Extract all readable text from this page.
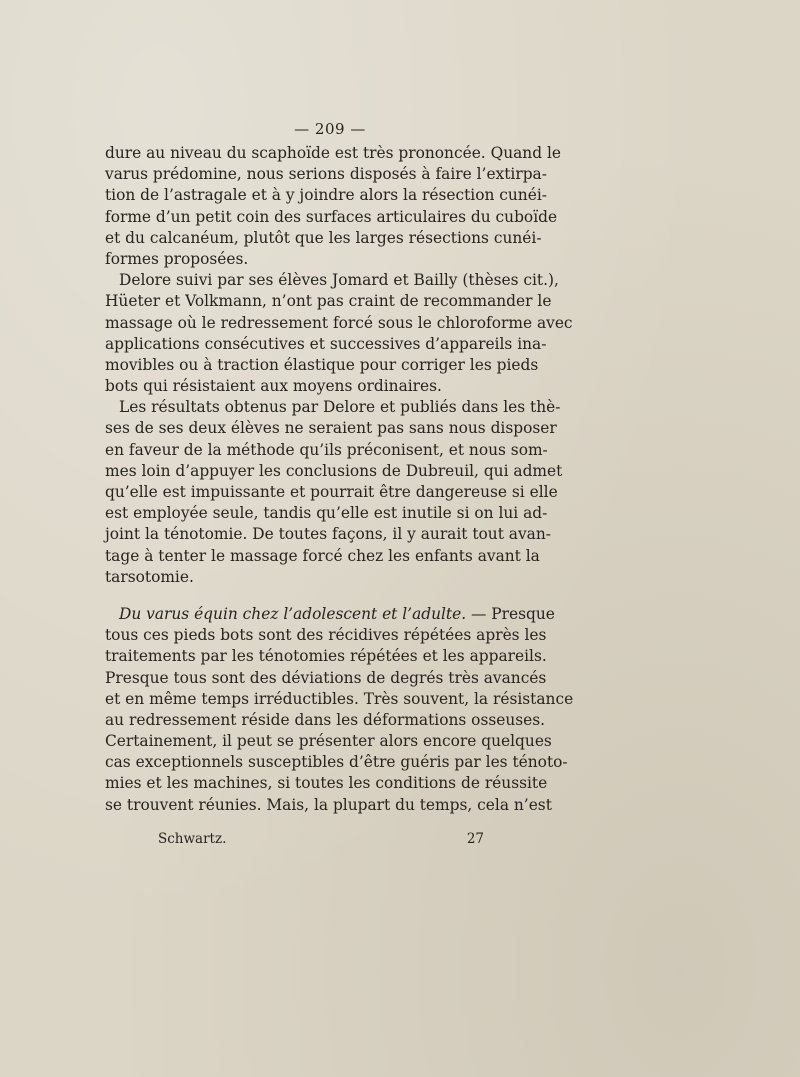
— 209 —
dure au niveau du scaphoïde est très prononcée. Quand le
varus prédomine, nous serions disposés à faire l’extirpa-
tion de l’astragale et à y joindre alors la résection cunéi-
forme d’un petit coin des surfaces articulaires du cuboïde
et du calcanéum, plutôt que les larges résections cunéi-
formes proposées.
Delore suivi par ses élèves Jomard et Bailly (thèses cit.),
Hüeter et Volkmann, n’ont pas craint de recommander le
massage où le redressement forcé sous le chloroforme avec
applications consécutives et successives d’appareils ina-
movibles ou à traction élastique pour corriger les pieds
bots qui résistaient aux moyens ordinaires.
Les résultats obtenus par Delore et publiés dans les thè-
ses de ses deux élèves ne seraient pas sans nous disposer
en faveur de la méthode qu’ils préconisent, et nous som-
mes loin d’appuyer les conclusions de Dubreuil, qui admet
qu’elle est impuissante et pourrait être dangereuse si elle
est employée seule, tandis qu’elle est inutile si on lui ad-
joint la ténotomie. De toutes façons, il y aurait tout avan-
tage à tenter le massage forcé chez les enfants avant la
tarsotomie.
Du varus équin chez l’adolescent et l’adulte. — Presque
tous ces pieds bots sont des récidives répétées après les
traitements par les ténotomies répétées et les appareils.
Presque tous sont des déviations de degrés très avancés
et en même temps irréductibles. Très souvent, la résistance
au redressement réside dans les déformations osseuses.
Certainement, il peut se présenter alors encore quelques
cas exceptionnels susceptibles d’être guéris par les ténoto-
mies et les machines, si toutes les conditions de réussite
se trouvent réunies. Mais, la plupart du temps, cela n’est
Schwartz.	27
